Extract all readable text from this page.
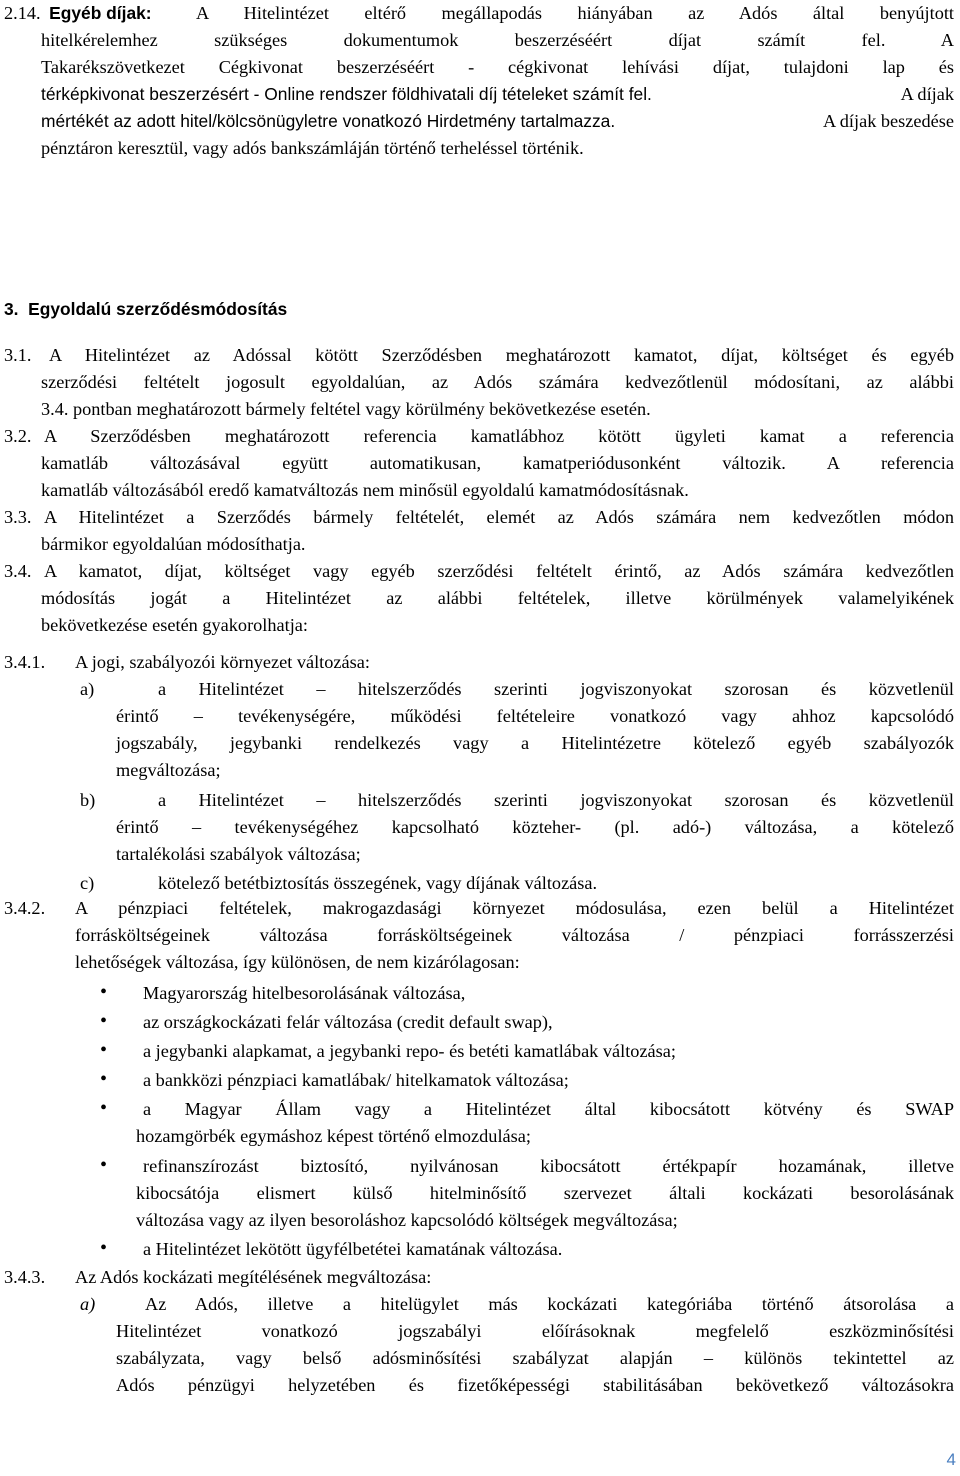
2.14. Egyéb díjak:	A Hitelintézet eltérő megállapodás hiányában az Adós által benyújtott
hitelkérelemhez szükséges dokumentumok beszerzéséért díjat számít fel. A
Takarékszövetkezet Cégkivonat beszerzéséért - cégkivonat lehívási díjat, tulajdoni lap és
térképkivonat beszerzésért - Online rendszer földhivatali díj tételeket számít fel.	A díjak
mértékét az adott hitel/kölcsönügyletre vonatkozó Hirdetmény tartalmazza.	A díjak beszedése
pénztáron keresztül, vagy adós bankszámláján történő terheléssel történik.
3.  Egyoldalú szerződésmódosítás
3.1. A Hitelintézet az Adóssal kötött Szerződésben meghatározott kamatot, díjat, költséget és egyéb
szerződési feltételt jogosult egyoldalúan, az Adós számára kedvezőtlenül módosítani, az alábbi
3.4. pontban meghatározott bármely feltétel vagy körülmény bekövetkezése esetén.
3.2. A Szerződésben meghatározott referencia kamatlábhoz kötött ügyleti kamat a referencia
kamatláb változásával együtt automatikusan, kamatperiódusonként változik. A referencia
kamatláb változásából eredő kamatváltozás nem minősül egyoldalú kamatmódosításnak.
3.3. A Hitelintézet a Szerződés bármely feltételét, elemét az Adós számára nem kedvezőtlen módon
bármikor egyoldalúan módosíthatja.
3.4. A kamatot, díjat, költséget vagy egyéb szerződési feltételt érintő, az Adós számára kedvezőtlen
módosítás jogát a Hitelintézet az alábbi feltételek, illetve körülmények valamelyikének
bekövetkezése esetén gyakorolhatja:
3.4.1. A jogi, szabályozói környezet változása:
a)	a Hitelintézet – hitelszerződés szerinti jogviszonyokat szorosan és közvetlenül
érintő – tevékenységére, működési feltételeire vonatkozó vagy ahhoz kapcsolódó
jogszabály, jegybanki rendelkezés vagy a Hitelintézetre kötelező egyéb szabályozók
megváltozása;
b)	a Hitelintézet – hitelszerződés szerinti jogviszonyokat szorosan és közvetlenül
érintő – tevékenységéhez kapcsolható közteher- (pl. adó-) változása, a kötelező
tartalékolási szabályok változása;
c)	kötelező betétbiztosítás összegének, vagy díjának változása.
3.4.2. A pénzpiaci feltételek, makrogazdasági környezet módosulása, ezen belül a Hitelintézet
forrásköltségeinek változása forrásköltségeinek változása / pénzpiaci forrásszerzési
lehetőségek változása, így különösen, de nem kizárólagosan:
• Magyarország hitelbesorolásának változása,
• az országkockázati felár változása (credit default swap),
• a jegybanki alapkamat, a jegybanki repo- és betéti kamatlábak változása;
• a bankközi pénzpiaci kamatlábak/ hitelkamatok változása;
• a Magyar Állam vagy a Hitelintézet által kibocsátott kötvény és SWAP
hozamgörbék egymáshoz képest történő elmozdulása;
• refinanszírozást biztosító, nyilvánosan kibocsátott értékpapír hozamának, illetve
kibocsátója elismert külső hitelminősítő szervezet általi kockázati besorolásának
változása vagy az ilyen besoroláshoz kapcsolódó költségek megváltozása;
• a Hitelintézet lekötött ügyfélbetétei kamatának változása.
3.4.3. Az Adós kockázati megítélésének megváltozása:
a)	Az Adós, illetve a hitelügylet más kockázati kategóriába történő átsorolása a
Hitelintézet vonatkozó jogszabályi előírásoknak megfelelő eszközminősítési
szabályzata, vagy belső adósminősítési szabályzat alapján – különös tekintettel az
Adós pénzügyi helyzetében és fizetőképességi stabilitásában bekövetkező változásokra
4
